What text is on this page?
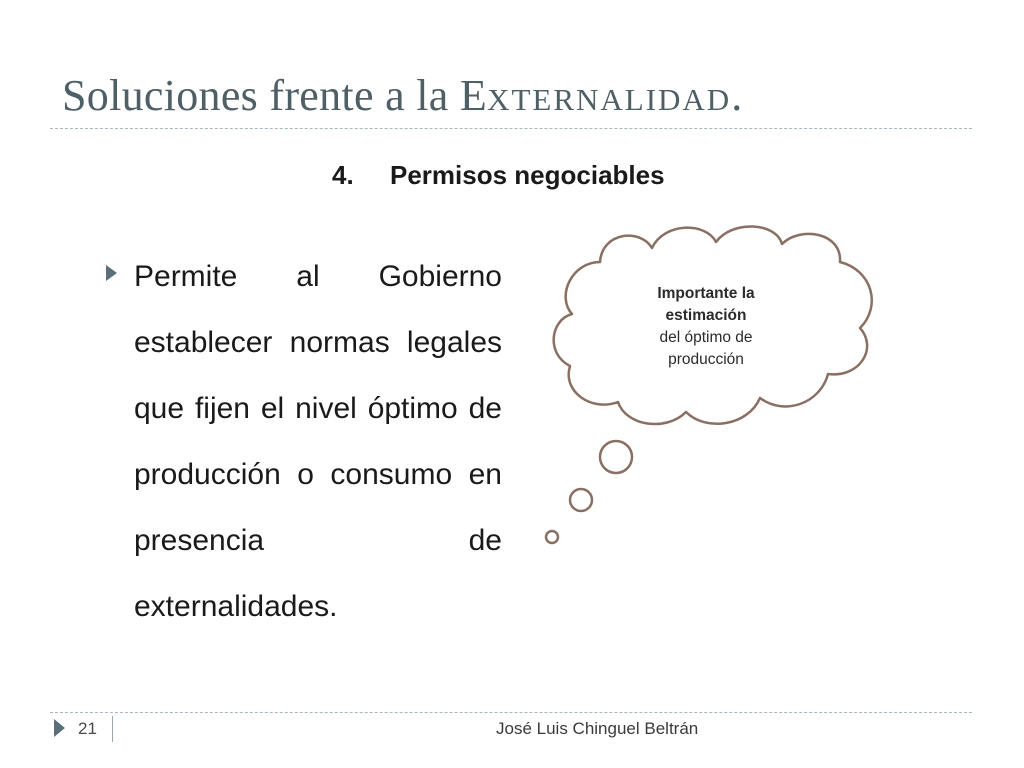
Soluciones frente a la Externalidad.
4. Permisos negociables

Permite al Gobierno establecer normas legales que fijen el nivel óptimo de producción o consumo en presencia de externalidades.

Importante la
estimación
del óptimo de
producción
21	José Luis Chinguel Beltrán
